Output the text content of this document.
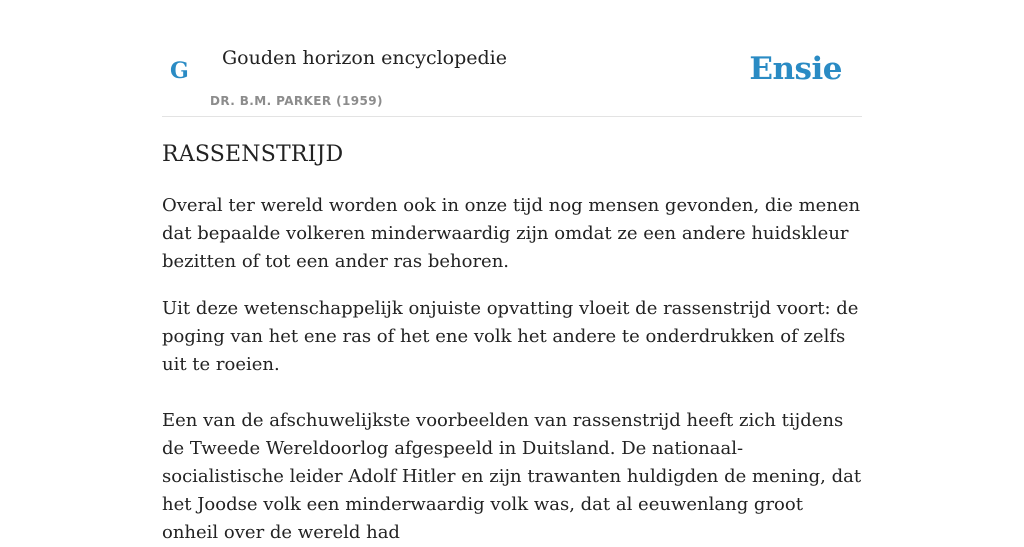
G Gouden horizon encyclopedie
DR. B.M. PARKER (1959)
Ensie
RASSENSTRIJD

Overal ter wereld worden ook in onze tijd nog mensen gevonden, die menen dat bepaalde volkeren minderwaardig zijn omdat ze een andere huidskleur bezitten of tot een ander ras behoren.

Uit deze wetenschappelijk onjuiste opvatting vloeit de rassenstrijd voort: de poging van het ene ras of het ene volk het andere te onderdrukken of zelfs uit te roeien.

Een van de afschuwelijkste voorbeelden van rassenstrijd heeft zich tijdens de Tweede Wereldoorlog afgespeeld in Duitsland. De nationaal-socialistische leider Adolf Hitler en zijn trawanten huldigden de mening, dat het Joodse volk een minderwaardig volk was, dat al eeuwenlang groot onheil over de wereld had
